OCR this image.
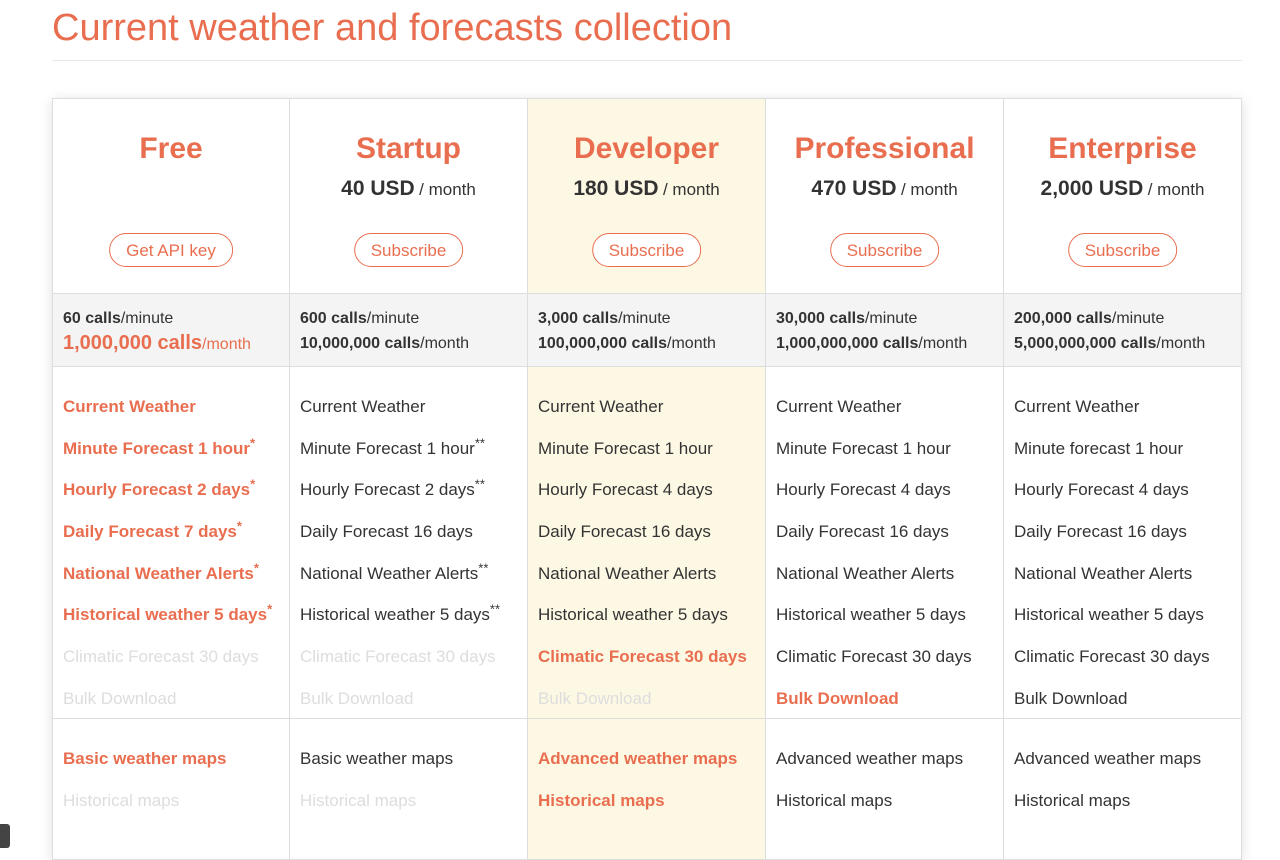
Current weather and forecasts collection
Free
Get API key
60 calls/minute
1,000,000 calls/month
Current Weather
Minute Forecast 1 hour*
Hourly Forecast 2 days*
Daily Forecast 7 days*
National Weather Alerts*
Historical weather 5 days*
Climatic Forecast 30 days
Bulk Download
Basic weather maps
Historical maps
Startup
40 USD / month
Subscribe
600 calls/minute
10,000,000 calls/month
Current Weather
Minute Forecast 1 hour**
Hourly Forecast 2 days**
Daily Forecast 16 days
National Weather Alerts**
Historical weather 5 days**
Climatic Forecast 30 days
Bulk Download
Basic weather maps
Historical maps
Developer
180 USD / month
Subscribe
3,000 calls/minute
100,000,000 calls/month
Current Weather
Minute Forecast 1 hour
Hourly Forecast 4 days
Daily Forecast 16 days
National Weather Alerts
Historical weather 5 days
Climatic Forecast 30 days
Bulk Download
Advanced weather maps
Historical maps
Professional
470 USD / month
Subscribe
30,000 calls/minute
1,000,000,000 calls/month
Current Weather
Minute Forecast 1 hour
Hourly Forecast 4 days
Daily Forecast 16 days
National Weather Alerts
Historical weather 5 days
Climatic Forecast 30 days
Bulk Download
Advanced weather maps
Historical maps
Enterprise
2,000 USD / month
Subscribe
200,000 calls/minute
5,000,000,000 calls/month
Current Weather
Minute forecast 1 hour
Hourly Forecast 4 days
Daily Forecast 16 days
National Weather Alerts
Historical weather 5 days
Climatic Forecast 30 days
Bulk Download
Advanced weather maps
Historical maps
